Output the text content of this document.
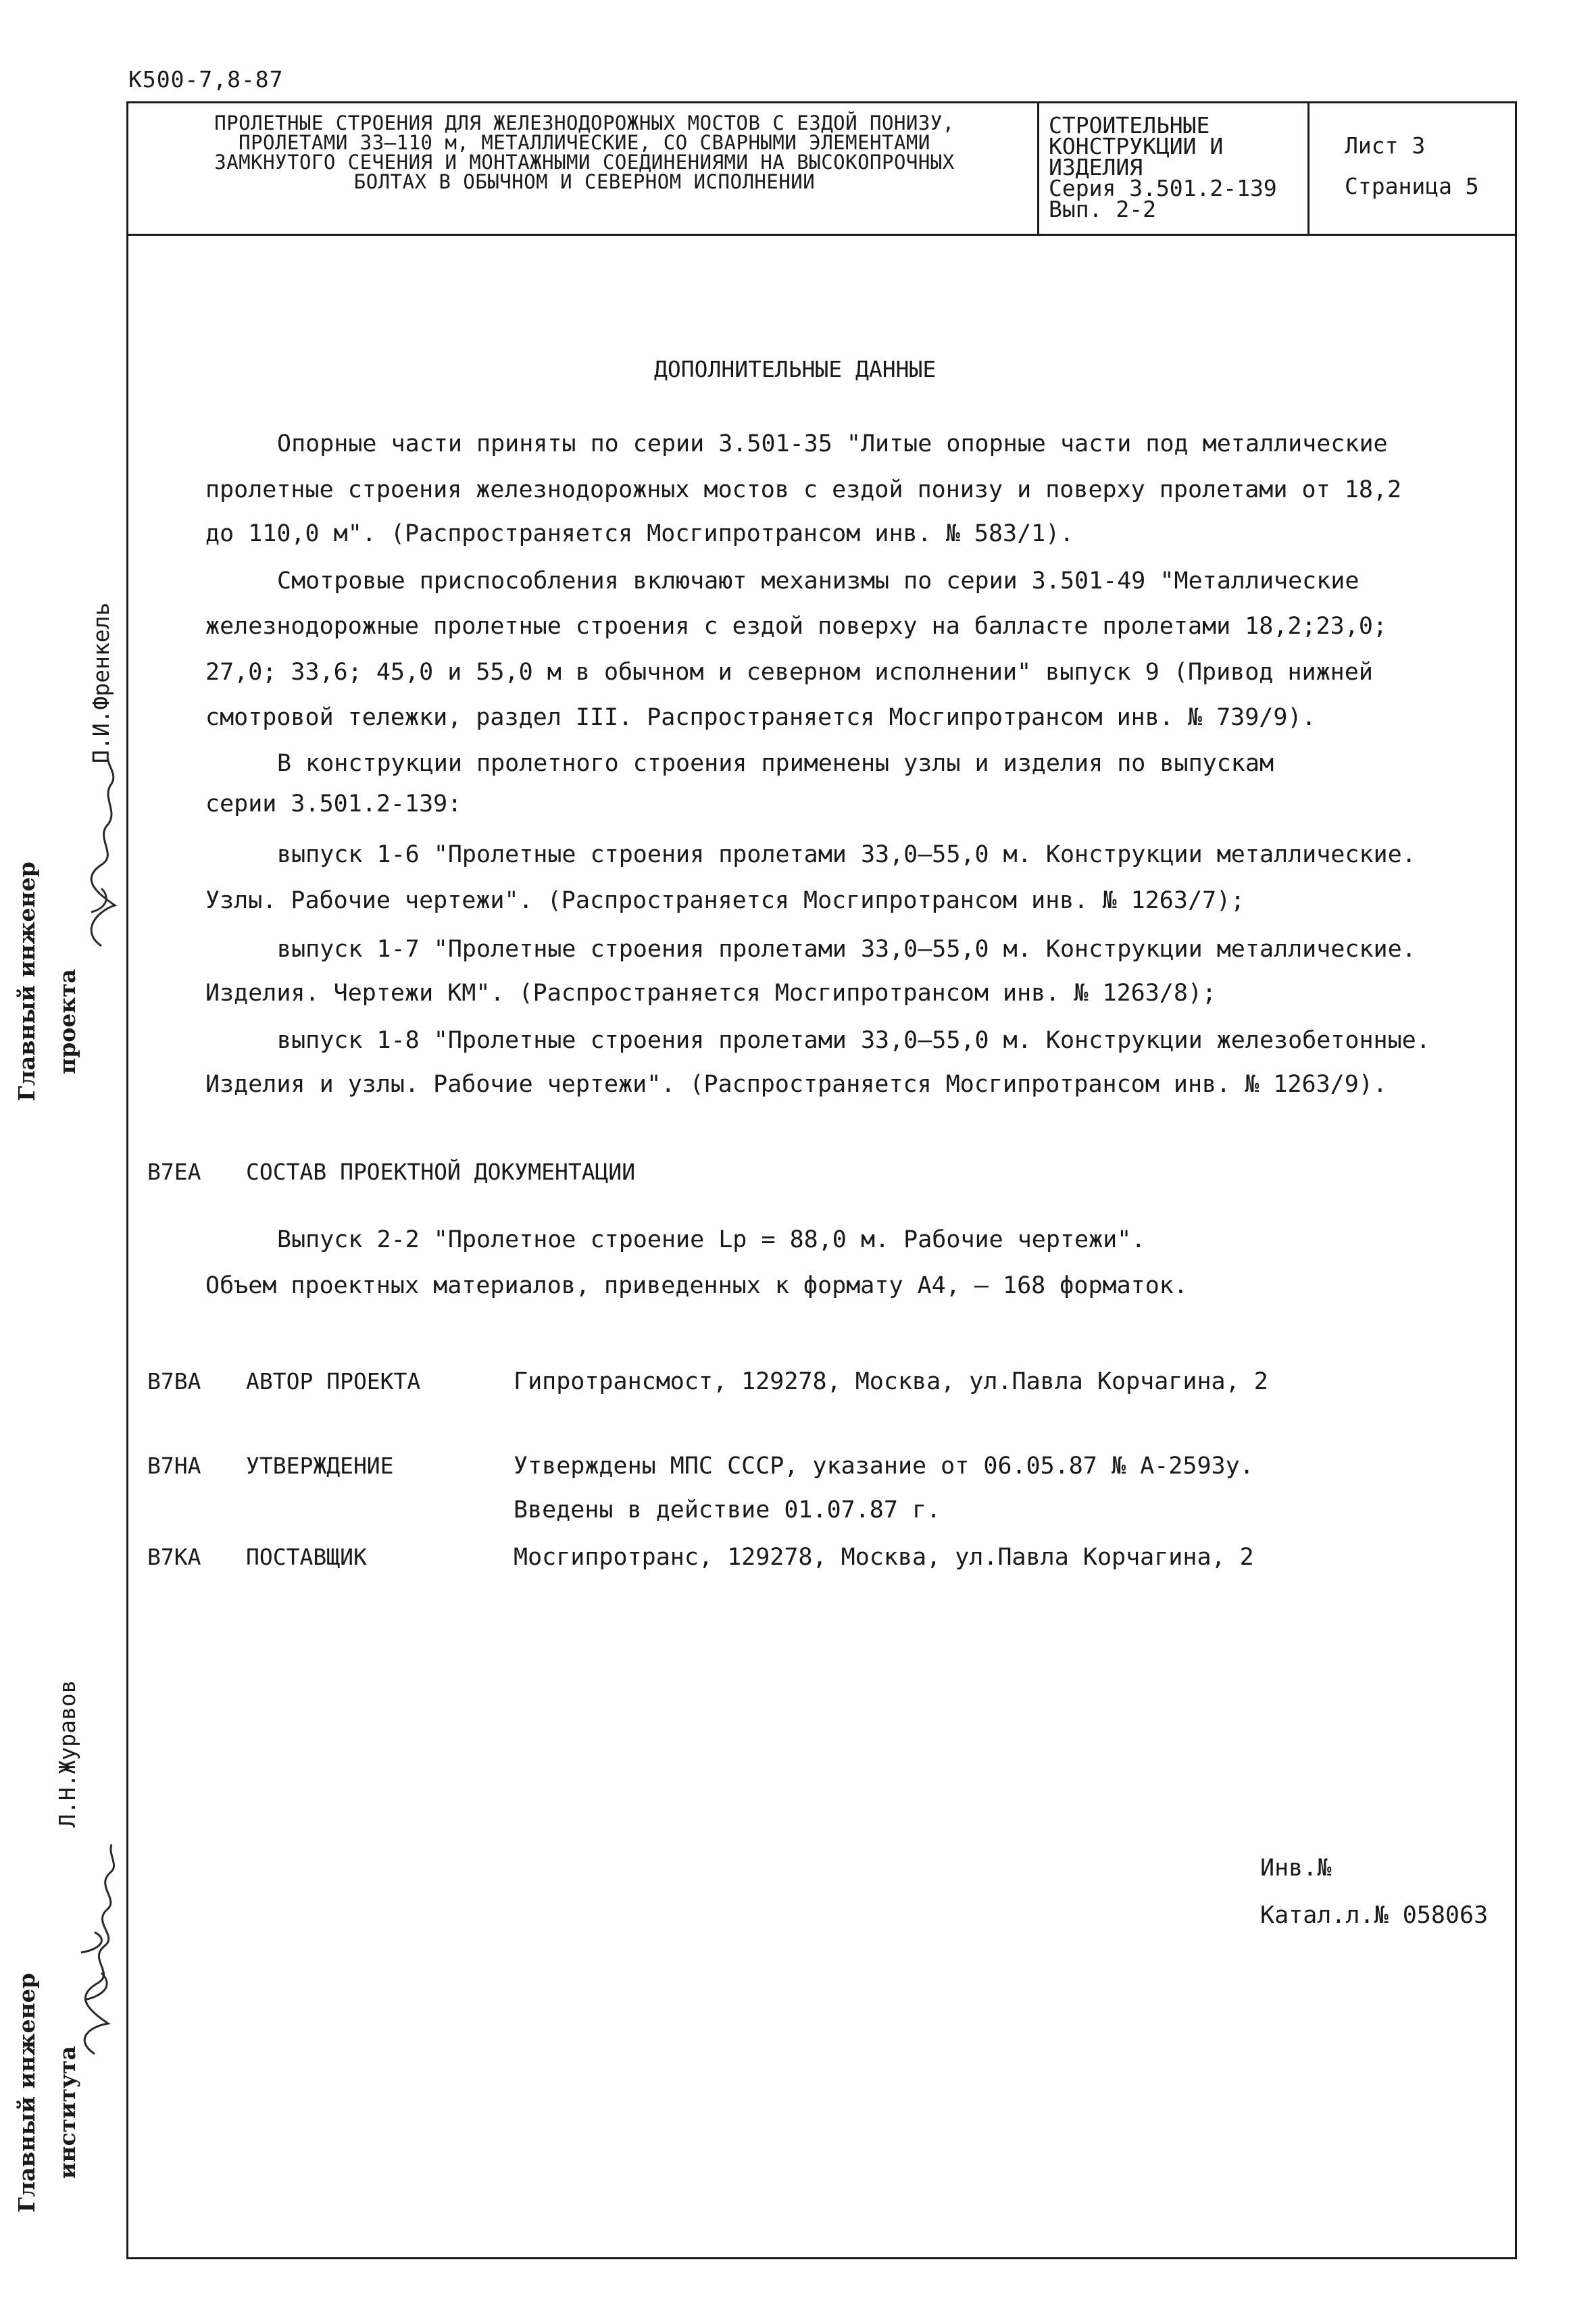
К500-7,8-87
ПРОЛЕТНЫЕ СТРОЕНИЯ ДЛЯ ЖЕЛЕЗНОДОРОЖНЫХ МОСТОВ С ЕЗДОЙ ПОНИЗУ,
ПРОЛЕТАМИ 33–110 м, МЕТАЛЛИЧЕСКИЕ, СО СВАРНЫМИ ЭЛЕМЕНТАМИ
ЗАМКНУТОГО СЕЧЕНИЯ И МОНТАЖНЫМИ СОЕДИНЕНИЯМИ НА ВЫСОКОПРОЧНЫХ
БОЛТАХ В ОБЫЧНОМ И СЕВЕРНОМ ИСПОЛНЕНИИ
СТРОИТЕЛЬНЫЕ
КОНСТРУКЦИИ И
ИЗДЕЛИЯ
Серия 3.501.2-139
Вып. 2-2
Лист 3
Страница 5
ДОПОЛНИТЕЛЬНЫЕ ДАННЫЕ
Опорные части приняты по серии 3.501-35 "Литые опорные части под металлические
пролетные строения железнодорожных мостов с ездой понизу и поверху пролетами от 18,2
до 110,0 м". (Распространяется Мосгипротрансом инв. № 583/1).
Смотровые приспособления включают механизмы по серии 3.501-49 "Металлические
железнодорожные пролетные строения с ездой поверху на балласте пролетами 18,2;23,0;
27,0; 33,6; 45,0 и 55,0 м в обычном и северном исполнении" выпуск 9 (Привод нижней
смотровой тележки, раздел III. Распространяется Мосгипротрансом инв. № 739/9).
В конструкции пролетного строения применены узлы и изделия по выпускам
серии 3.501.2-139:
выпуск 1-6 "Пролетные строения пролетами 33,0–55,0 м. Конструкции металлические.
Узлы. Рабочие чертежи". (Распространяется Мосгипротрансом инв. № 1263/7);
выпуск 1-7 "Пролетные строения пролетами 33,0–55,0 м. Конструкции металлические.
Изделия. Чертежи КМ". (Распространяется Мосгипротрансом инв. № 1263/8);
выпуск 1-8 "Пролетные строения пролетами 33,0–55,0 м. Конструкции железобетонные.
Изделия и узлы. Рабочие чертежи". (Распространяется Мосгипротрансом инв. № 1263/9).
В7ЕА СОСТАВ ПРОЕКТНОЙ ДОКУМЕНТАЦИИ
Выпуск 2-2 "Пролетное строение Lp = 88,0 м. Рабочие чертежи".
Объем проектных материалов, приведенных к формату А4, – 168 форматок.
В7ВА АВТОР ПРОЕКТА	Гипротрансмост, 129278, Москва, ул.Павла Корчагина, 2
В7НА УТВЕРЖДЕНИЕ	Утверждены МПС СССР, указание от 06.05.87 № А-2593у.
Введены в действие 01.07.87 г.
В7КА ПОСТАВЩИК	Мосгипротранс, 129278, Москва, ул.Павла Корчагина, 2
Инв.№
Катал.л.№ 058063
Главный инженер проекта
П.И.Френкель
Главный инженер института
Л.Н.Журавов
